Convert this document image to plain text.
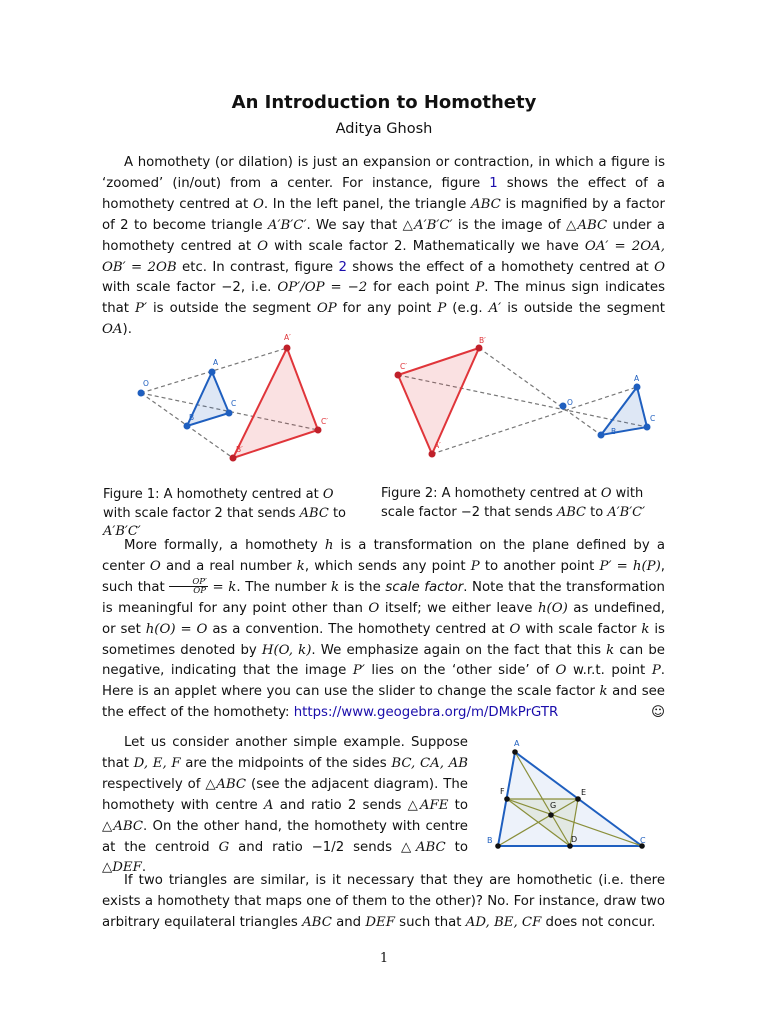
An Introduction to Homothety
Aditya Ghosh
A homothety (or dilation) is just an expansion or contraction, in which a figure is ‘zoomed’ (in/out) from a center. For instance, figure 1 shows the effect of a homothety centred at O. In the left panel, the triangle ABC is magnified by a factor of 2 to become triangle A′B′C′. We say that △A′B′C′ is the image of △ABC under a homothety centred at O with scale factor 2. Mathematically we have OA′ = 2OA, OB′ = 2OB etc. In contrast, figure 2 shows the effect of a homothety centred at O with scale factor −2, i.e. OP′/OP = −2 for each point P. The minus sign indicates that P′ is outside the segment OP for any point P (e.g. A′ is outside the segment OA).
O
A
B
C
A′
B′
C′
Figure 1: A homothety centred at O with scale factor 2 that sends ABC to A′B′C′
O
A
B
C
B′
C′
A′
Figure 2: A homothety centred at O with scale factor −2 that sends ABC to A′B′C′
More formally, a homothety h is a transformation on the plane defined by a center O and a real number k, which sends any point P to another point P′ = h(P), such that $\frac{OP'}{OP} = k$. The number k is the scale factor. Note that the transformation is meaningful for any point other than O itself; we either leave h(O) as undefined, or set h(O) = O as a convention. The homothety centred at O with scale factor k is sometimes denoted by H(O, k). We emphasize again on the fact that this k can be negative, indicating that the image P′ lies on the ‘other side’ of O w.r.t. point P. Here is an applet where you can use the slider to change the scale factor k and see the effect of the homothety: https://www.geogebra.org/m/DMkPrGTR	☺
Let us consider another simple example. Suppose that D, E, F are the midpoints of the sides BC, CA, AB respectively of △ABC (see the adjacent diagram). The homothety with centre A and ratio 2 sends △AFE to △ABC. On the other hand, the homothety with centre at the centroid G and ratio −1/2 sends △ABC to △DEF.
A
B	C
D
E
F
G
If two triangles are similar, is it necessary that they are homothetic (i.e. there exists a homothety that maps one of them to the other)? No. For instance, draw two arbitrary equilateral triangles ABC and DEF such that AD, BE, CF does not concur.
1
